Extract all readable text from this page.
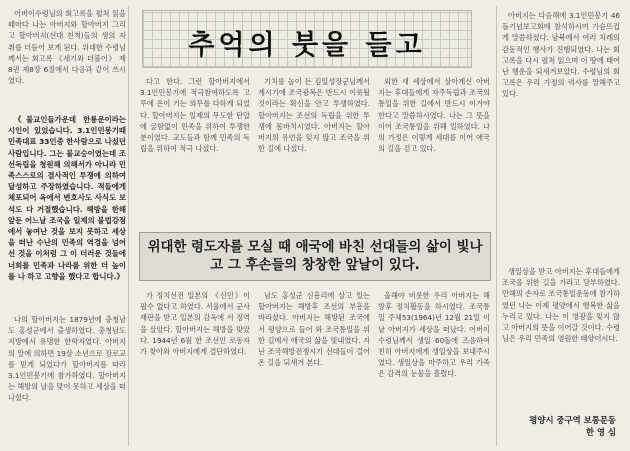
추억의 붓을 들고

어버이수령님의 회고록을 펼쳐 읽을 때마다 나는 아버지와 할아버지 그리고 할아버지(선대 친척)들의 생의 자취를 더듬어 보게 된다. 위대한 수령님께서는 회고록 《세기와 더불어》 제8권 제8장 6절에서 다음과 같이 쓰시였다.

《불교인들가운데 한룡운이라는 시인이 있었습니다. 3.1인민봉기때 민족대표 33인중 한사람으로 나섰던 사람입니다. 그는 불교승이였는데 조선독립을 청원해 의해서가 아니라 민족스스로의 결사적인 투쟁에 의하여 달성하고 주장하였습니다. 적들에게 체포되어 옥에서 변호사도 사식도 보석도 다 거절했습니다. 해방을 한해앞둔 어느날 조국을 일제의 불법강점에서 놓여난 것을 보지 못하고 세상을 떠난 수난의 민족의 역경을 넘어선 것을 이처럼 그 이 더러운 것들에 너희를 민족과 나라를 위한 더 높이를 나 하고 고향을 했다고 합니다.》

나의 할아버지는 1879년에 충청남도 홍성군에서 출생하였다. 충청남도 지방에서 유명한 한학자였다. 아버지의 말에 의하면 19살 소년으로 장로교를 믿게 되었다가 할아버지를 따라 3.1인민봉기에 참가하였다. 할아버지는 해방의 날을 맞이 못하고 세상을 떠나셨다.

다고 한다. 그런 할아버지에서 3.1인민봉기에 적극참여하도록 고무에 온이 기는 의무를 다하게 되었다. 할아버지는 일제의 무도한 탄압에 굴함없이 민족을 위하여 투쟁한 분이였다. 교도들과 함께 민족의 독립을 위하여 적극 나섰다.

기치를 높이 든 김일성장군님께서 계시기에 조국광복은 반드시 이룩될 것이라는 확신을 안고 투쟁하였다. 할아버지는 조선의 독립을 위한 투쟁에 몸바치시였다. 아버지는 할아버지의 유언을 잊지 않고 조국을 위한 길에 나섰다.

외한 새 세상에서 살아계신 아버지는 후대들에게 자주독립과 조국의 통일을 위한 길에서 반드시 이겨야 한다고 말씀하시였다. 나는 그 뜻을 이어 조국통일을 위해 일하였다. 나의 가정은 이렇게 세대를 이어 애국의 길을 걷고 있다.

아버지는 다음해에 3.1인민봉기 46돌기념보고회에 참석하시여 가슴뜨겁게 말씀하셨다. 남북에서 여러 차례의 감동적인 행사가 진행되였다. 나는 회고록을 다시 펼쳐 읽으며 이 땅에 태여난 행운을 되새겨보았다. 수령님의 회고록은 우리 가정의 력사를 말해주고 있다.

위대한 령도자를 모실 때 애국에 바친 선대들의 삶이 빛나고 그 후손들의 창창한 앞날이 있다.

가 정치선전 일본의 《신민》이 필수 없다고 하였다. 서울에서 군사재판을 받고 일본의 감옥에 서 징역을 살았다. 할아버지는 해방을 맞았다. 1944년 6월 한 조선인 로동자가 찾아와 아버지에게 결단하였다.

남도 홍성군 신흥리에 살고 있는 할아버지는 해방후 조선의 부흥을 바라셨다. 아버지는 해방된 조국에서 평양으로 들어 와 조국통일을 위한 길에서 애국의 삶을 빛내였다. 지난 조국해방전쟁시기 선대들이 걸어온 길을 되새겨 본다.

올해야 비롯한 우리 아버지는 해방후 정치활동을 하시였다. 조국통일 주체53(1964)년 12월 21일 이 날 아버지가 세상을 떠났다. 어버이수령님께서 생일 60돌에 즈음하여 친히 아버지에게 생일상을 보내주시였다. 생일상을 마주하고 우리 가족은 감격의 눈물을 흘렸다.

생일상을 받고 아버지는 후대들에게 조국을 위한 길을 가라고 당부하였다. 만해의 손자로 조국통일운동에 참가하였던 나는 이제 평양에서 행복한 삶을 누리고 있다. 나는 이 영광을 잊지 않고 아버지의 뜻을 이어갈 것이다. 수령님은 우리 민족의 영원한 태양이시다.

평양시 중구역 보통문동
한 영 심
